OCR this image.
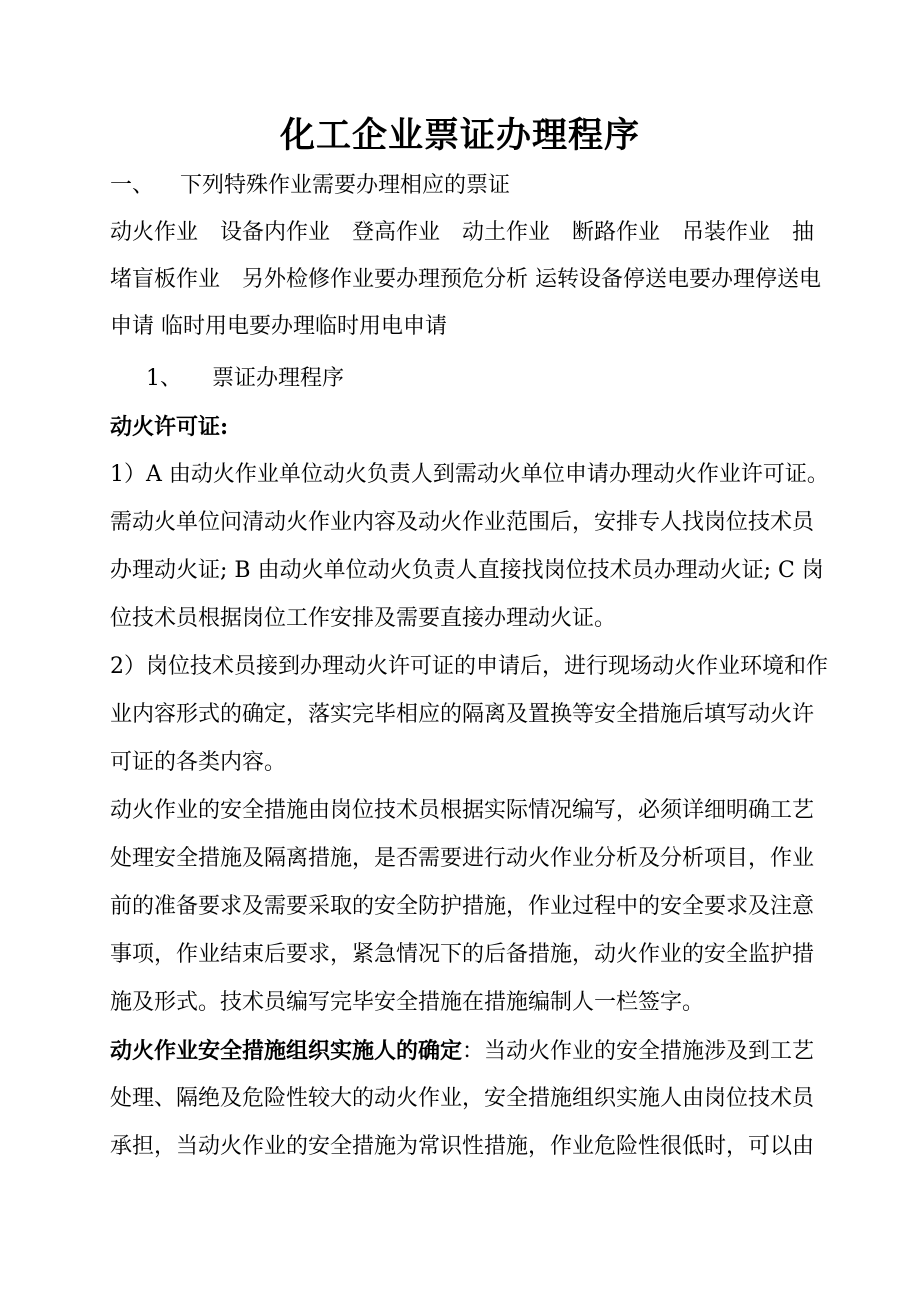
化工企业票证办理程序
一、 下列特殊作业需要办理相应的票证
动火作业　设备内作业　登高作业　动土作业　断路作业　吊装作业　抽
堵盲板作业　另外检修作业要办理预危分析 运转设备停送电要办理停送电
申请 临时用电要办理临时用电申请
1、 票证办理程序
动火许可证:
1）A 由动火作业单位动火负责人到需动火单位申请办理动火作业许可证。
需动火单位问清动火作业内容及动火作业范围后，安排专人找岗位技术员
办理动火证; B 由动火单位动火负责人直接找岗位技术员办理动火证; C 岗
位技术员根据岗位工作安排及需要直接办理动火证。
2）岗位技术员接到办理动火许可证的申请后，进行现场动火作业环境和作
业内容形式的确定，落实完毕相应的隔离及置换等安全措施后填写动火许
可证的各类内容。
动火作业的安全措施由岗位技术员根据实际情况编写，必须详细明确工艺
处理安全措施及隔离措施，是否需要进行动火作业分析及分析项目，作业
前的准备要求及需要采取的安全防护措施，作业过程中的安全要求及注意
事项，作业结束后要求，紧急情况下的后备措施，动火作业的安全监护措
施及形式。技术员编写完毕安全措施在措施编制人一栏签字。
动火作业安全措施组织实施人的确定：当动火作业的安全措施涉及到工艺
处理、隔绝及危险性较大的动火作业，安全措施组织实施人由岗位技术员
承担，当动火作业的安全措施为常识性措施，作业危险性很低时，可以由
